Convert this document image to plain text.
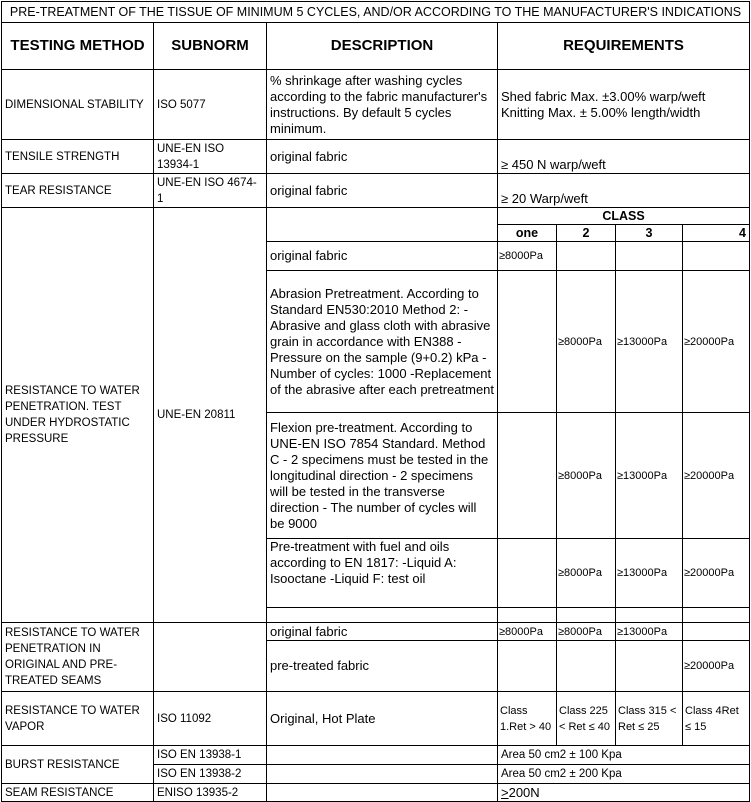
PRE-TREATMENT OF THE TISSUE OF MINIMUM 5 CYCLES, AND/OR ACCORDING TO THE MANUFACTURER'S INDICATIONS						
TESTING METHOD	SUBNORM	DESCRIPTION	REQUIREMENTS			
DIMENSIONAL STABILITY	ISO 5077	% shrinkage after washing cycles according to the fabric manufacturer's instructions. By default 5 cycles minimum.	Shed fabric Max. ±3.00% warp/weft
Knitting Max. ± 5.00% length/width			

TENSILE STRENGTH	UNE-EN ISO 13934-1	original fabric	≥ 450 N warp/weft			
TEAR RESISTANCE	UNE-EN ISO 4674-1	original fabric	≥ 20 Warp/weft			
RESISTANCE TO WATER PENETRATION. TEST UNDER HYDROSTATIC PRESSURE	UNE-EN 20811		CLASS			
			one	2	3	4
		original fabric	≥8000Pa			
		Abrasion Pretreatment. According to Standard EN530:2010 Method 2: -Abrasive and glass cloth with abrasive grain in accordance with EN388 -Pressure on the sample (9+0.2) kPa -Number of cycles: 1000 -Replacement of the abrasive after each pretreatment		≥8000Pa	≥13000Pa	≥20000Pa
		Flexion pre-treatment. According to UNE-EN ISO 7854 Standard. Method C - 2 specimens must be tested in the longitudinal direction - 2 specimens will be tested in the transverse direction - The number of cycles will be 9000		≥8000Pa	≥13000Pa	≥20000Pa
		Pre-treatment with fuel and oils according to EN 1817: -Liquid A: Isooctane -Liquid F: test oil		≥8000Pa	≥13000Pa	≥20000Pa

RESISTANCE TO WATER PENETRATION IN ORIGINAL AND PRE-TREATED SEAMS		original fabric	≥8000Pa	≥8000Pa	≥13000Pa	
		pre-treated fabric				≥20000Pa
RESISTANCE TO WATER VAPOR	ISO 11092	Original, Hot Plate	Class 1.Ret > 40	Class 225 < Ret ≤ 40	Class 315 < Ret ≤ 25	Class 4Ret ≤ 15
BURST RESISTANCE	ISO EN 13938-1		Area 50 cm2 ± 100 Kpa			
	ISO EN 13938-2		Area 50 cm2 ± 200 Kpa			
SEAM RESISTANCE	ENISO 13935-2		>200N			
